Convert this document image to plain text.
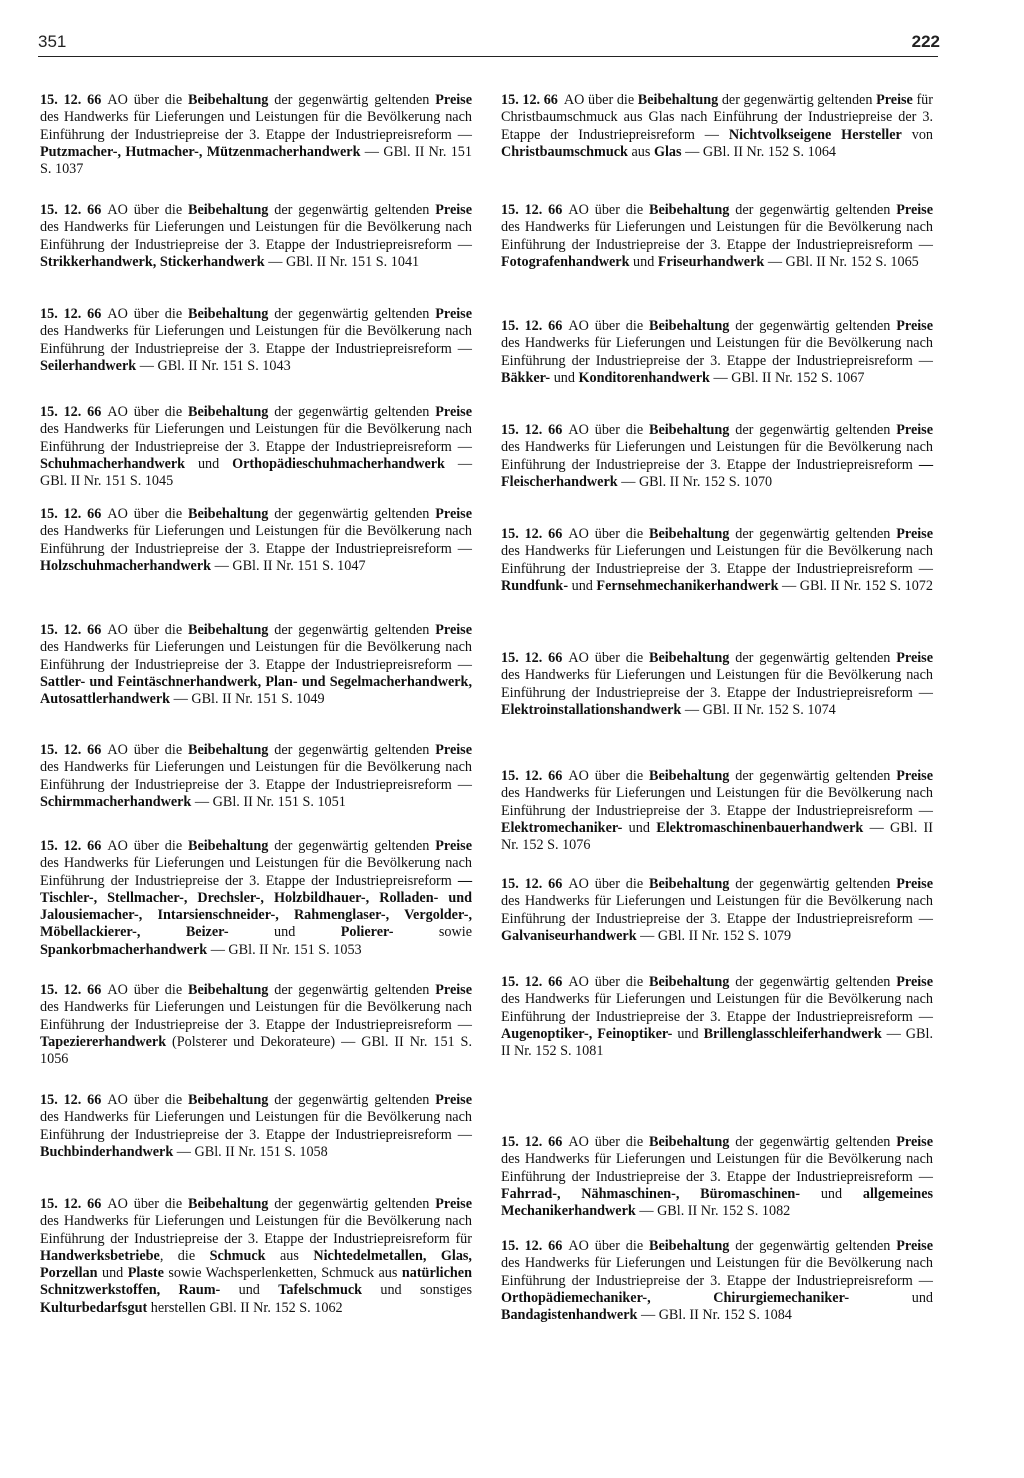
351	222

15. 12. 66 AO über die Beibehaltung der gegenwärtig geltenden Preise des Handwerks für Lieferungen und Leistungen für die Bevölkerung nach Einführung der Industriepreise der 3. Etappe der Industriepreisreform — Putzmacher-, Hutmacher-, Mützenmacherhandwerk — GBl. II Nr. 151 S. 1037

15. 12. 66 AO über die Beibehaltung der gegenwärtig geltenden Preise des Handwerks für Lieferungen und Leistungen für die Bevölkerung nach Einführung der Industriepreise der 3. Etappe der Industriepreisreform — Strikkerhandwerk, Stickerhandwerk — GBl. II Nr. 151 S. 1041

15. 12. 66 AO über die Beibehaltung der gegenwärtig geltenden Preise des Handwerks für Lieferungen und Leistungen für die Bevölkerung nach Einführung der Industriepreise der 3. Etappe der Industriepreisreform — Seilerhandwerk — GBl. II Nr. 151 S. 1043

15. 12. 66 AO über die Beibehaltung der gegenwärtig geltenden Preise des Handwerks für Lieferungen und Leistungen für die Bevölkerung nach Einführung der Industriepreise der 3. Etappe der Industriepreisreform — Schuhmacherhandwerk und Orthopädieschuhmacherhandwerk — GBl. II Nr. 151 S. 1045

15. 12. 66 AO über die Beibehaltung der gegenwärtig geltenden Preise des Handwerks für Lieferungen und Leistungen für die Bevölkerung nach Einführung der Industriepreise der 3. Etappe der Industriepreisreform — Holzschuhmacherhandwerk — GBl. II Nr. 151 S. 1047

15. 12. 66 AO über die Beibehaltung der gegenwärtig geltenden Preise des Handwerks für Lieferungen und Leistungen für die Bevölkerung nach Einführung der Industriepreise der 3. Etappe der Industriepreisreform — Sattler- und Feintäschnerhandwerk, Plan- und Segelmacherhandwerk, Autosattlerhandwerk — GBl. II Nr. 151 S. 1049

15. 12. 66 AO über die Beibehaltung der gegenwärtig geltenden Preise des Handwerks für Lieferungen und Leistungen für die Bevölkerung nach Einführung der Industriepreise der 3. Etappe der Industriepreisreform — Schirmmacherhandwerk — GBl. II Nr. 151 S. 1051

15. 12. 66 AO über die Beibehaltung der gegenwärtig geltenden Preise des Handwerks für Lieferungen und Leistungen für die Bevölkerung nach Einführung der Industriepreise der 3. Etappe der Industriepreisreform — Tischler-, Stellmacher-, Drechsler-, Holzbildhauer-, Rolladen- und Jalousiemacher-, Intarsienschneider-, Rahmenglaser-, Vergolder-, Möbellackierer-, Beizer- und Polierer- sowie Spankorbmacherhandwerk — GBl. II Nr. 151 S. 1053

15. 12. 66 AO über die Beibehaltung der gegenwärtig geltenden Preise des Handwerks für Lieferungen und Leistungen für die Bevölkerung nach Einführung der Industriepreise der 3. Etappe der Industriepreisreform — Tapeziererhandwerk (Polsterer und Dekorateure) — GBl. II Nr. 151 S. 1056

15. 12. 66 AO über die Beibehaltung der gegenwärtig geltenden Preise des Handwerks für Lieferungen und Leistungen für die Bevölkerung nach Einführung der Industriepreise der 3. Etappe der Industriepreisreform — Buchbinderhandwerk — GBl. II Nr. 151 S. 1058

15. 12. 66 AO über die Beibehaltung der gegenwärtig geltenden Preise des Handwerks für Lieferungen und Leistungen für die Bevölkerung nach Einführung der Industriepreise der 3. Etappe der Industriepreisreform für Handwerksbetriebe, die Schmuck aus Nichtedelmetallen, Glas, Porzellan und Plaste sowie Wachsperlenketten, Schmuck aus natürlichen Schnitzwerkstoffen, Raum- und Tafelschmuck und sonstiges Kulturbedarfsgut herstellen GBl. II Nr. 152 S. 1062

15. 12. 66 AO über die Beibehaltung der gegenwärtig geltenden Preise für Christbaumschmuck aus Glas nach Einführung der Industriepreise der 3. Etappe der Industriepreisreform — Nichtvolkseigene Hersteller von Christbaumschmuck aus Glas — GBl. II Nr. 152 S. 1064

15. 12. 66 AO über die Beibehaltung der gegenwärtig geltenden Preise des Handwerks für Lieferungen und Leistungen für die Bevölkerung nach Einführung der Industriepreise der 3. Etappe der Industriepreisreform — Fotografenhandwerk und Friseurhandwerk — GBl. II Nr. 152 S. 1065

15. 12. 66 AO über die Beibehaltung der gegenwärtig geltenden Preise des Handwerks für Lieferungen und Leistungen für die Bevölkerung nach Einführung der Industriepreise der 3. Etappe der Industriepreisreform — Bäkker- und Konditorenhandwerk — GBl. II Nr. 152 S. 1067

15. 12. 66 AO über die Beibehaltung der gegenwärtig geltenden Preise des Handwerks für Lieferungen und Leistungen für die Bevölkerung nach Einführung der Industriepreise der 3. Etappe der Industriepreisreform — Fleischerhandwerk — GBl. II Nr. 152 S. 1070

15. 12. 66 AO über die Beibehaltung der gegenwärtig geltenden Preise des Handwerks für Lieferungen und Leistungen für die Bevölkerung nach Einführung der Industriepreise der 3. Etappe der Industriepreisreform — Rundfunk- und Fernsehmechanikerhandwerk — GBl. II Nr. 152 S. 1072

15. 12. 66 AO über die Beibehaltung der gegenwärtig geltenden Preise des Handwerks für Lieferungen und Leistungen für die Bevölkerung nach Einführung der Industriepreise der 3. Etappe der Industriepreisreform — Elektroinstallationshandwerk — GBl. II Nr. 152 S. 1074

15. 12. 66 AO über die Beibehaltung der gegenwärtig geltenden Preise des Handwerks für Lieferungen und Leistungen für die Bevölkerung nach Einführung der Industriepreise der 3. Etappe der Industriepreisreform — Elektromechaniker- und Elektromaschinenbauerhandwerk — GBl. II Nr. 152 S. 1076

15. 12. 66 AO über die Beibehaltung der gegenwärtig geltenden Preise des Handwerks für Lieferungen und Leistungen für die Bevölkerung nach Einführung der Industriepreise der 3. Etappe der Industriepreisreform — Galvaniseurhandwerk — GBl. II Nr. 152 S. 1079

15. 12. 66 AO über die Beibehaltung der gegenwärtig geltenden Preise des Handwerks für Lieferungen und Leistungen für die Bevölkerung nach Einführung der Industriepreise der 3. Etappe der Industriepreisreform — Augenoptiker-, Feinoptiker- und Brillenglasschleiferhandwerk — GBl. II Nr. 152 S. 1081

15. 12. 66 AO über die Beibehaltung der gegenwärtig geltenden Preise des Handwerks für Lieferungen und Leistungen für die Bevölkerung nach Einführung der Industriepreise der 3. Etappe der Industriepreisreform — Fahrrad-, Nähmaschinen-, Büromaschinen- und allgemeines Mechanikerhandwerk — GBl. II Nr. 152 S. 1082

15. 12. 66 AO über die Beibehaltung der gegenwärtig geltenden Preise des Handwerks für Lieferungen und Leistungen für die Bevölkerung nach Einführung der Industriepreise der 3. Etappe der Industriepreisreform — Orthopädiemechaniker-, Chirurgiemechaniker- und Bandagistenhandwerk — GBl. II Nr. 152 S. 1084
